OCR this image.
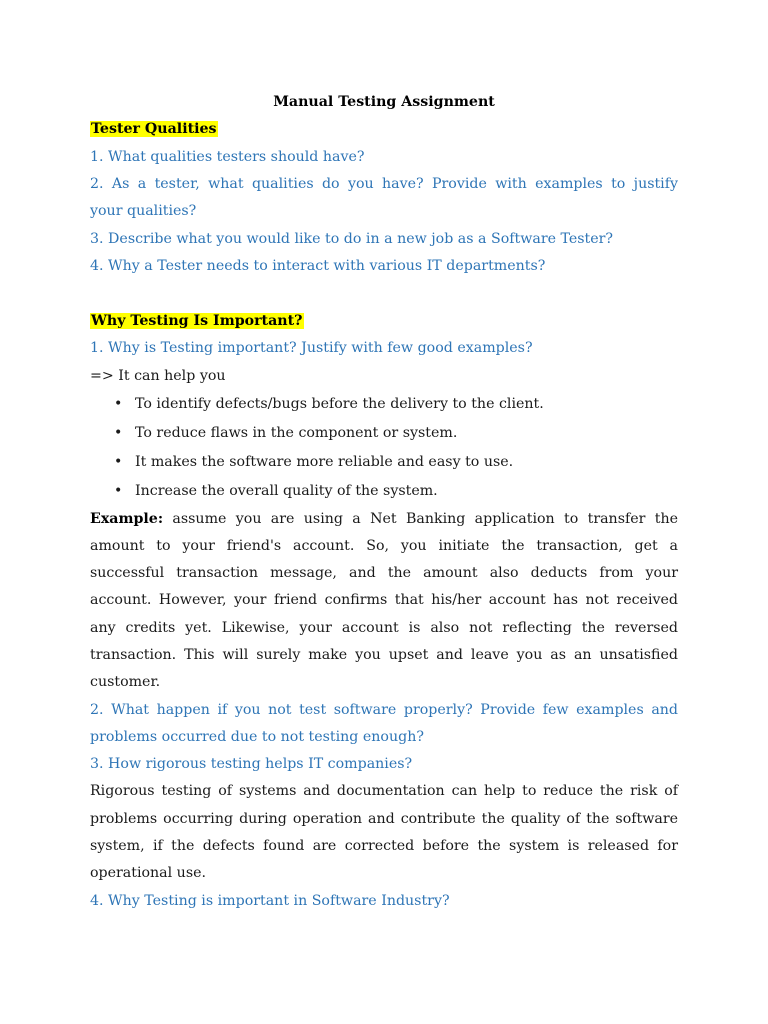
Manual Testing Assignment
Tester Qualities
1. What qualities testers should have?
2. As a tester, what qualities do you have? Provide with examples to justify
your qualities?
3. Describe what you would like to do in a new job as a Software Tester?
4. Why a Tester needs to interact with various IT departments?
Why Testing Is Important?
1. Why is Testing important? Justify with few good examples?
=> It can help you
• To identify defects/bugs before the delivery to the client.
• To reduce flaws in the component or system.
• It makes the software more reliable and easy to use.
• Increase the overall quality of the system.
Example: assume you are using a Net Banking application to transfer the
amount to your friend's account. So, you initiate the transaction, get a
successful transaction message, and the amount also deducts from your
account. However, your friend confirms that his/her account has not received
any credits yet. Likewise, your account is also not reflecting the reversed
transaction. This will surely make you upset and leave you as an unsatisfied
customer.
2. What happen if you not test software properly? Provide few examples and
problems occurred due to not testing enough?
3. How rigorous testing helps IT companies?
Rigorous testing of systems and documentation can help to reduce the risk of
problems occurring during operation and contribute the quality of the software
system, if the defects found are corrected before the system is released for
operational use.
4. Why Testing is important in Software Industry?
